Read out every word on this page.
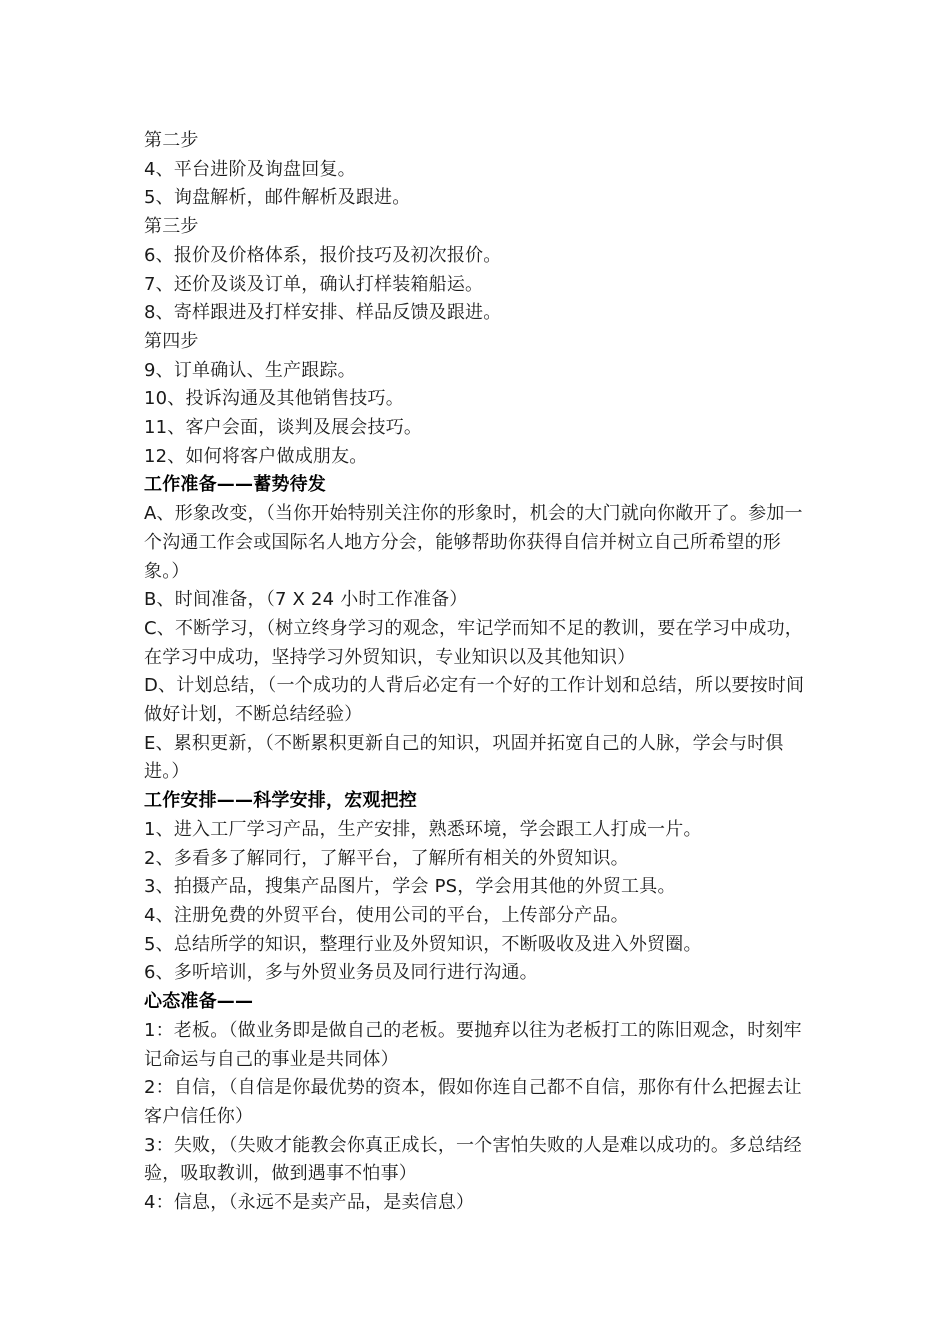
第二步
4、平台进阶及询盘回复。
5、询盘解析，邮件解析及跟进。
第三步
6、报价及价格体系，报价技巧及初次报价。
7、还价及谈及订单，确认打样装箱船运。
8、寄样跟进及打样安排、样品反馈及跟进。
第四步
9、订单确认、生产跟踪。
10、投诉沟通及其他销售技巧。
11、客户会面，谈判及展会技巧。
12、如何将客户做成朋友。
工作准备——蓄势待发
A、形象改变，（当你开始特别关注你的形象时，机会的大门就向你敞开了。参加一个沟通工作会或国际名人地方分会，能够帮助你获得自信并树立自己所希望的形象。）
B、时间准备，（7 X 24 小时工作准备）
C、不断学习，（树立终身学习的观念，牢记学而知不足的教训，要在学习中成功，在学习中成功，坚持学习外贸知识，专业知识以及其他知识）
D、计划总结，（一个成功的人背后必定有一个好的工作计划和总结，所以要按时间做好计划，不断总结经验）
E、累积更新，（不断累积更新自己的知识，巩固并拓宽自己的人脉，学会与时俱进。）
工作安排——科学安排，宏观把控
1、进入工厂学习产品，生产安排，熟悉环境，学会跟工人打成一片。
2、多看多了解同行，了解平台，了解所有相关的外贸知识。
3、拍摄产品，搜集产品图片，学会 PS，学会用其他的外贸工具。
4、注册免费的外贸平台，使用公司的平台，上传部分产品。
5、总结所学的知识，整理行业及外贸知识，不断吸收及进入外贸圈。
6、多听培训，多与外贸业务员及同行进行沟通。
心态准备——
1：老板。（做业务即是做自己的老板。要抛弃以往为老板打工的陈旧观念，时刻牢记命运与自己的事业是共同体）
2：自信，（自信是你最优势的资本，假如你连自己都不自信，那你有什么把握去让客户信任你）
3：失败，（失败才能教会你真正成长，一个害怕失败的人是难以成功的。多总结经验，吸取教训，做到遇事不怕事）
4：信息，（永远不是卖产品，是卖信息）
